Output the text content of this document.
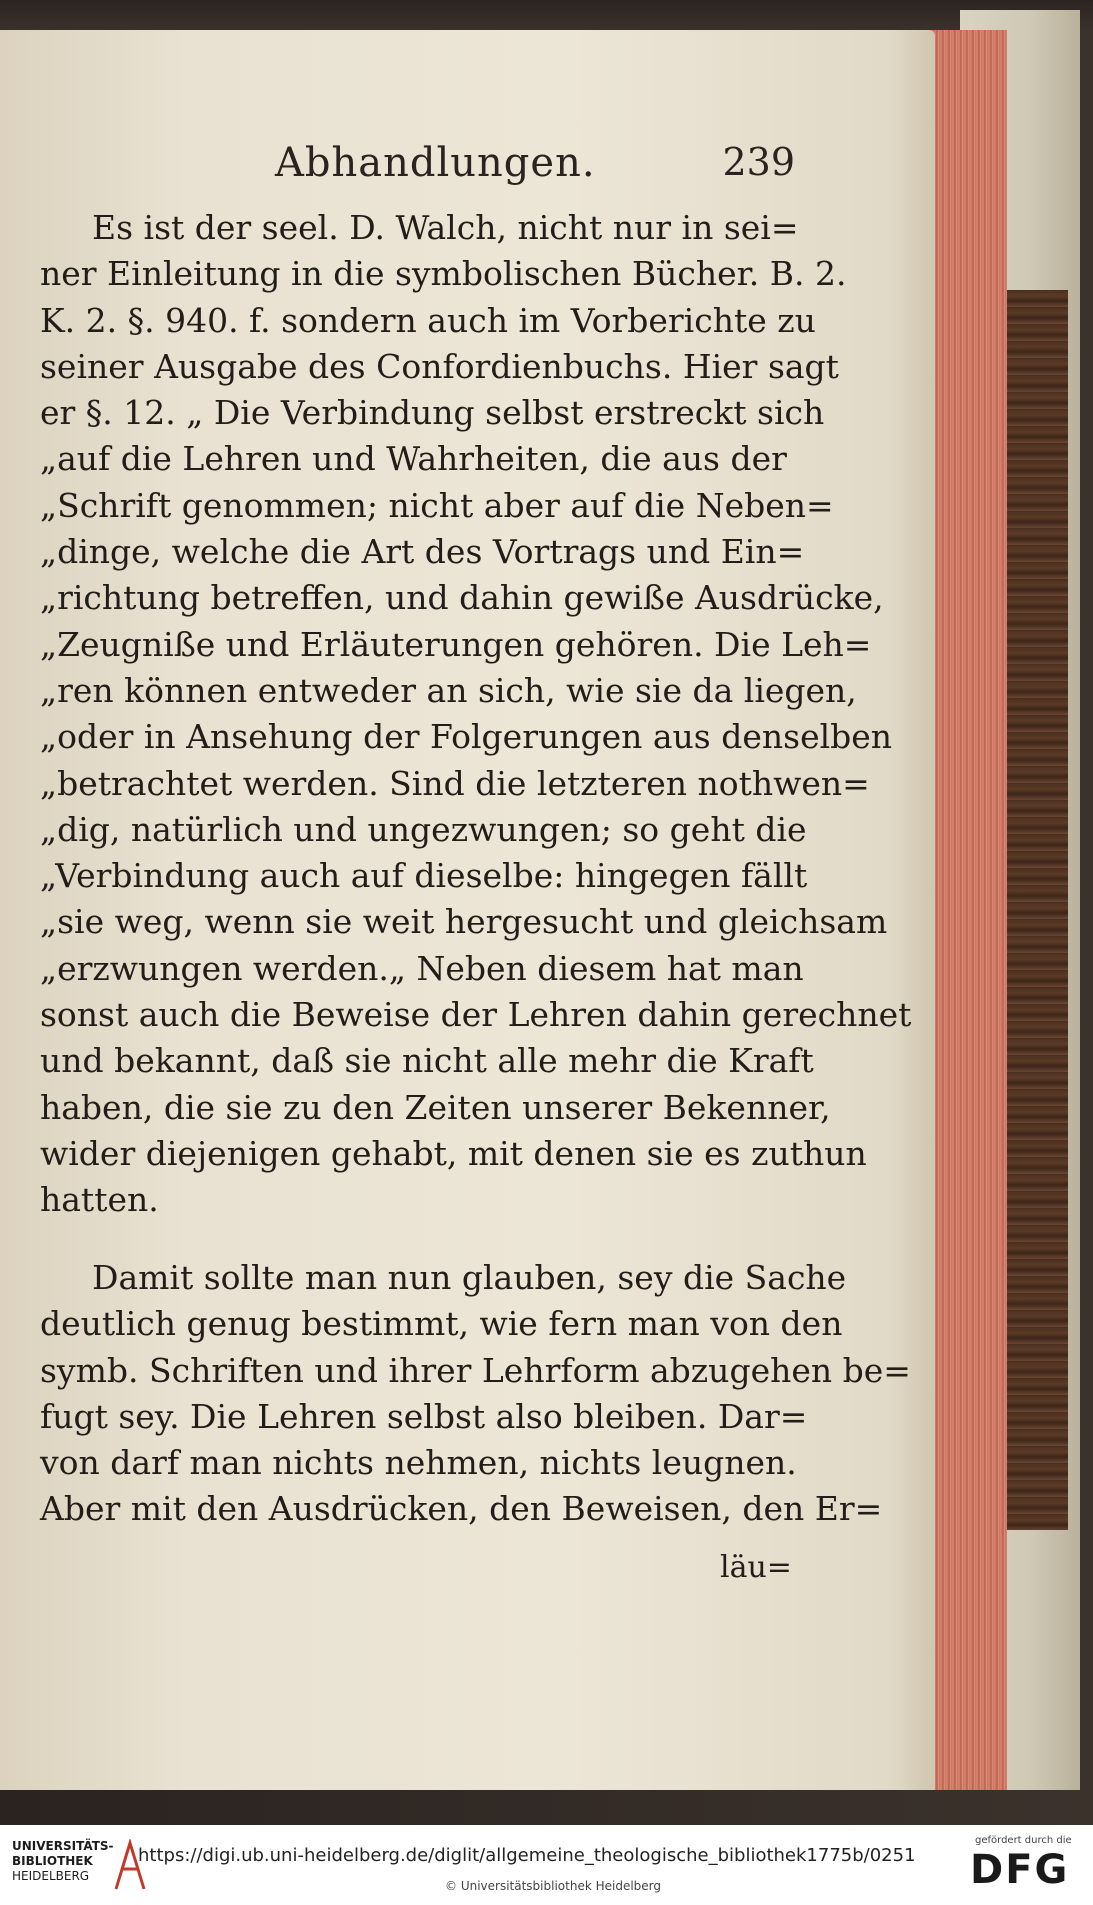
Abhandlungen.	239
Es ist der seel. D. Walch, nicht nur in sei=
ner Einleitung in die symbolischen Bücher. B. 2.
K. 2. §. 940. f. sondern auch im Vorberichte zu
seiner Ausgabe des Confordienbuchs. Hier sagt
er §. 12. „ Die Verbindung selbst erstreckt sich
„auf die Lehren und Wahrheiten, die aus der
„Schrift genommen; nicht aber auf die Neben=
„dinge, welche die Art des Vortrags und Ein=
„richtung betreffen, und dahin gewiße Ausdrücke,
„Zeugniße und Erläuterungen gehören. Die Leh=
„ren können entweder an sich, wie sie da liegen,
„oder in Ansehung der Folgerungen aus denselben
„betrachtet werden. Sind die letzteren nothwen=
„dig, natürlich und ungezwungen; so geht die
„Verbindung auch auf dieselbe: hingegen fällt
„sie weg, wenn sie weit hergesucht und gleichsam
„erzwungen werden.„ Neben diesem hat man
sonst auch die Beweise der Lehren dahin gerechnet
und bekannt, daß sie nicht alle mehr die Kraft
haben, die sie zu den Zeiten unserer Bekenner,
wider diejenigen gehabt, mit denen sie es zuthun
hatten.
Damit sollte man nun glauben, sey die Sache
deutlich genug bestimmt, wie fern man von den
symb. Schriften und ihrer Lehrform abzugehen be=
fugt sey. Die Lehren selbst also bleiben. Dar=
von darf man nichts nehmen, nichts leugnen.
Aber mit den Ausdrücken, den Beweisen, den Er=
läu=
UNIVERSITÄTS-
BIBLIOTHEK
HEIDELBERG
https://digi.ub.uni-heidelberg.de/diglit/allgemeine_theologische_bibliothek1775b/0251
© Universitätsbibliothek Heidelberg
gefördert durch die
DFG
